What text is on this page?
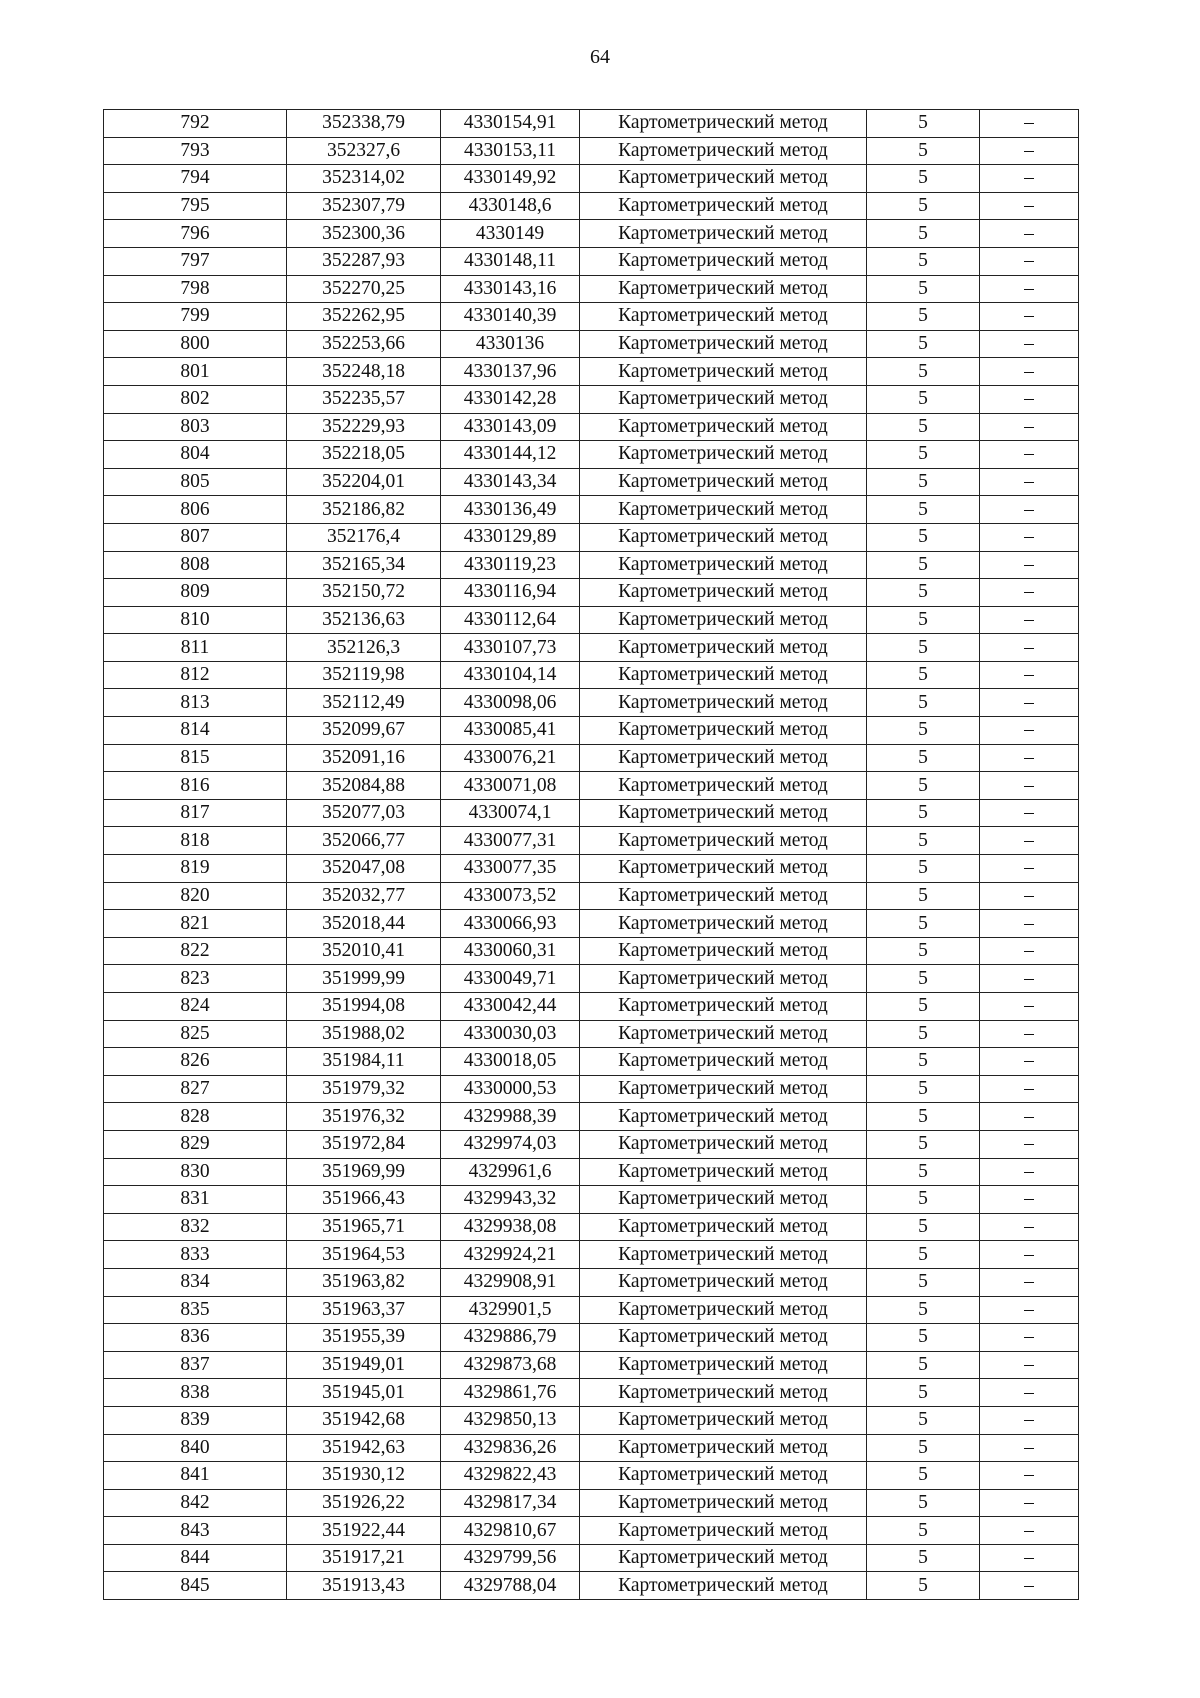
64
792	352338,79	4330154,91	Картометрический метод	5	–
793	352327,6	4330153,11	Картометрический метод	5	–
794	352314,02	4330149,92	Картометрический метод	5	–
795	352307,79	4330148,6	Картометрический метод	5	–
796	352300,36	4330149	Картометрический метод	5	–
797	352287,93	4330148,11	Картометрический метод	5	–
798	352270,25	4330143,16	Картометрический метод	5	–
799	352262,95	4330140,39	Картометрический метод	5	–
800	352253,66	4330136	Картометрический метод	5	–
801	352248,18	4330137,96	Картометрический метод	5	–
802	352235,57	4330142,28	Картометрический метод	5	–
803	352229,93	4330143,09	Картометрический метод	5	–
804	352218,05	4330144,12	Картометрический метод	5	–
805	352204,01	4330143,34	Картометрический метод	5	–
806	352186,82	4330136,49	Картометрический метод	5	–
807	352176,4	4330129,89	Картометрический метод	5	–
808	352165,34	4330119,23	Картометрический метод	5	–
809	352150,72	4330116,94	Картометрический метод	5	–
810	352136,63	4330112,64	Картометрический метод	5	–
811	352126,3	4330107,73	Картометрический метод	5	–
812	352119,98	4330104,14	Картометрический метод	5	–
813	352112,49	4330098,06	Картометрический метод	5	–
814	352099,67	4330085,41	Картометрический метод	5	–
815	352091,16	4330076,21	Картометрический метод	5	–
816	352084,88	4330071,08	Картометрический метод	5	–
817	352077,03	4330074,1	Картометрический метод	5	–
818	352066,77	4330077,31	Картометрический метод	5	–
819	352047,08	4330077,35	Картометрический метод	5	–
820	352032,77	4330073,52	Картометрический метод	5	–
821	352018,44	4330066,93	Картометрический метод	5	–
822	352010,41	4330060,31	Картометрический метод	5	–
823	351999,99	4330049,71	Картометрический метод	5	–
824	351994,08	4330042,44	Картометрический метод	5	–
825	351988,02	4330030,03	Картометрический метод	5	–
826	351984,11	4330018,05	Картометрический метод	5	–
827	351979,32	4330000,53	Картометрический метод	5	–
828	351976,32	4329988,39	Картометрический метод	5	–
829	351972,84	4329974,03	Картометрический метод	5	–
830	351969,99	4329961,6	Картометрический метод	5	–
831	351966,43	4329943,32	Картометрический метод	5	–
832	351965,71	4329938,08	Картометрический метод	5	–
833	351964,53	4329924,21	Картометрический метод	5	–
834	351963,82	4329908,91	Картометрический метод	5	–
835	351963,37	4329901,5	Картометрический метод	5	–
836	351955,39	4329886,79	Картометрический метод	5	–
837	351949,01	4329873,68	Картометрический метод	5	–
838	351945,01	4329861,76	Картометрический метод	5	–
839	351942,68	4329850,13	Картометрический метод	5	–
840	351942,63	4329836,26	Картометрический метод	5	–
841	351930,12	4329822,43	Картометрический метод	5	–
842	351926,22	4329817,34	Картометрический метод	5	–
843	351922,44	4329810,67	Картометрический метод	5	–
844	351917,21	4329799,56	Картометрический метод	5	–
845	351913,43	4329788,04	Картометрический метод	5	–
